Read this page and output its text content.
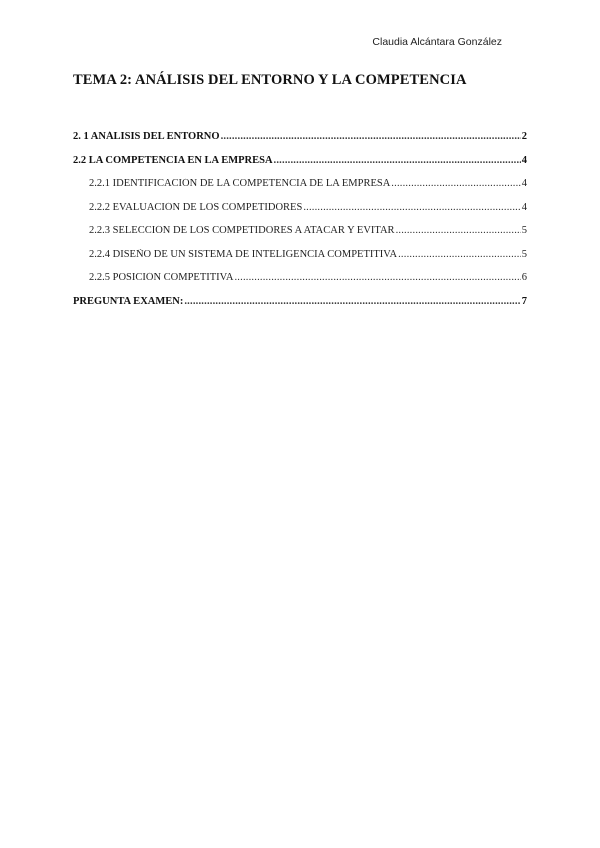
Claudia Alcántara González
TEMA 2: ANÁLISIS DEL ENTORNO Y LA COMPETENCIA
2. 1 ANÁLISIS DEL ENTORNO .....	2
2.2 LA COMPETENCIA EN LA EMPRESA .....	4
2.2.1 IDENTIFICACIÓN DE LA COMPETENCIA DE LA EMPRESA .....	4
2.2.2 EVALUACIÓN DE LOS COMPETIDORES .....	4
2.2.3 SELECCIÓN DE LOS COMPETIDORES A ATACAR Y EVITAR .....	5
2.2.4 DISEÑO DE UN SISTEMA DE INTELIGENCIA COMPETITIVA .....	5
2.2.5 POSICIÓN COMPETITIVA .....	6
PREGUNTA EXAMEN: .....	7
